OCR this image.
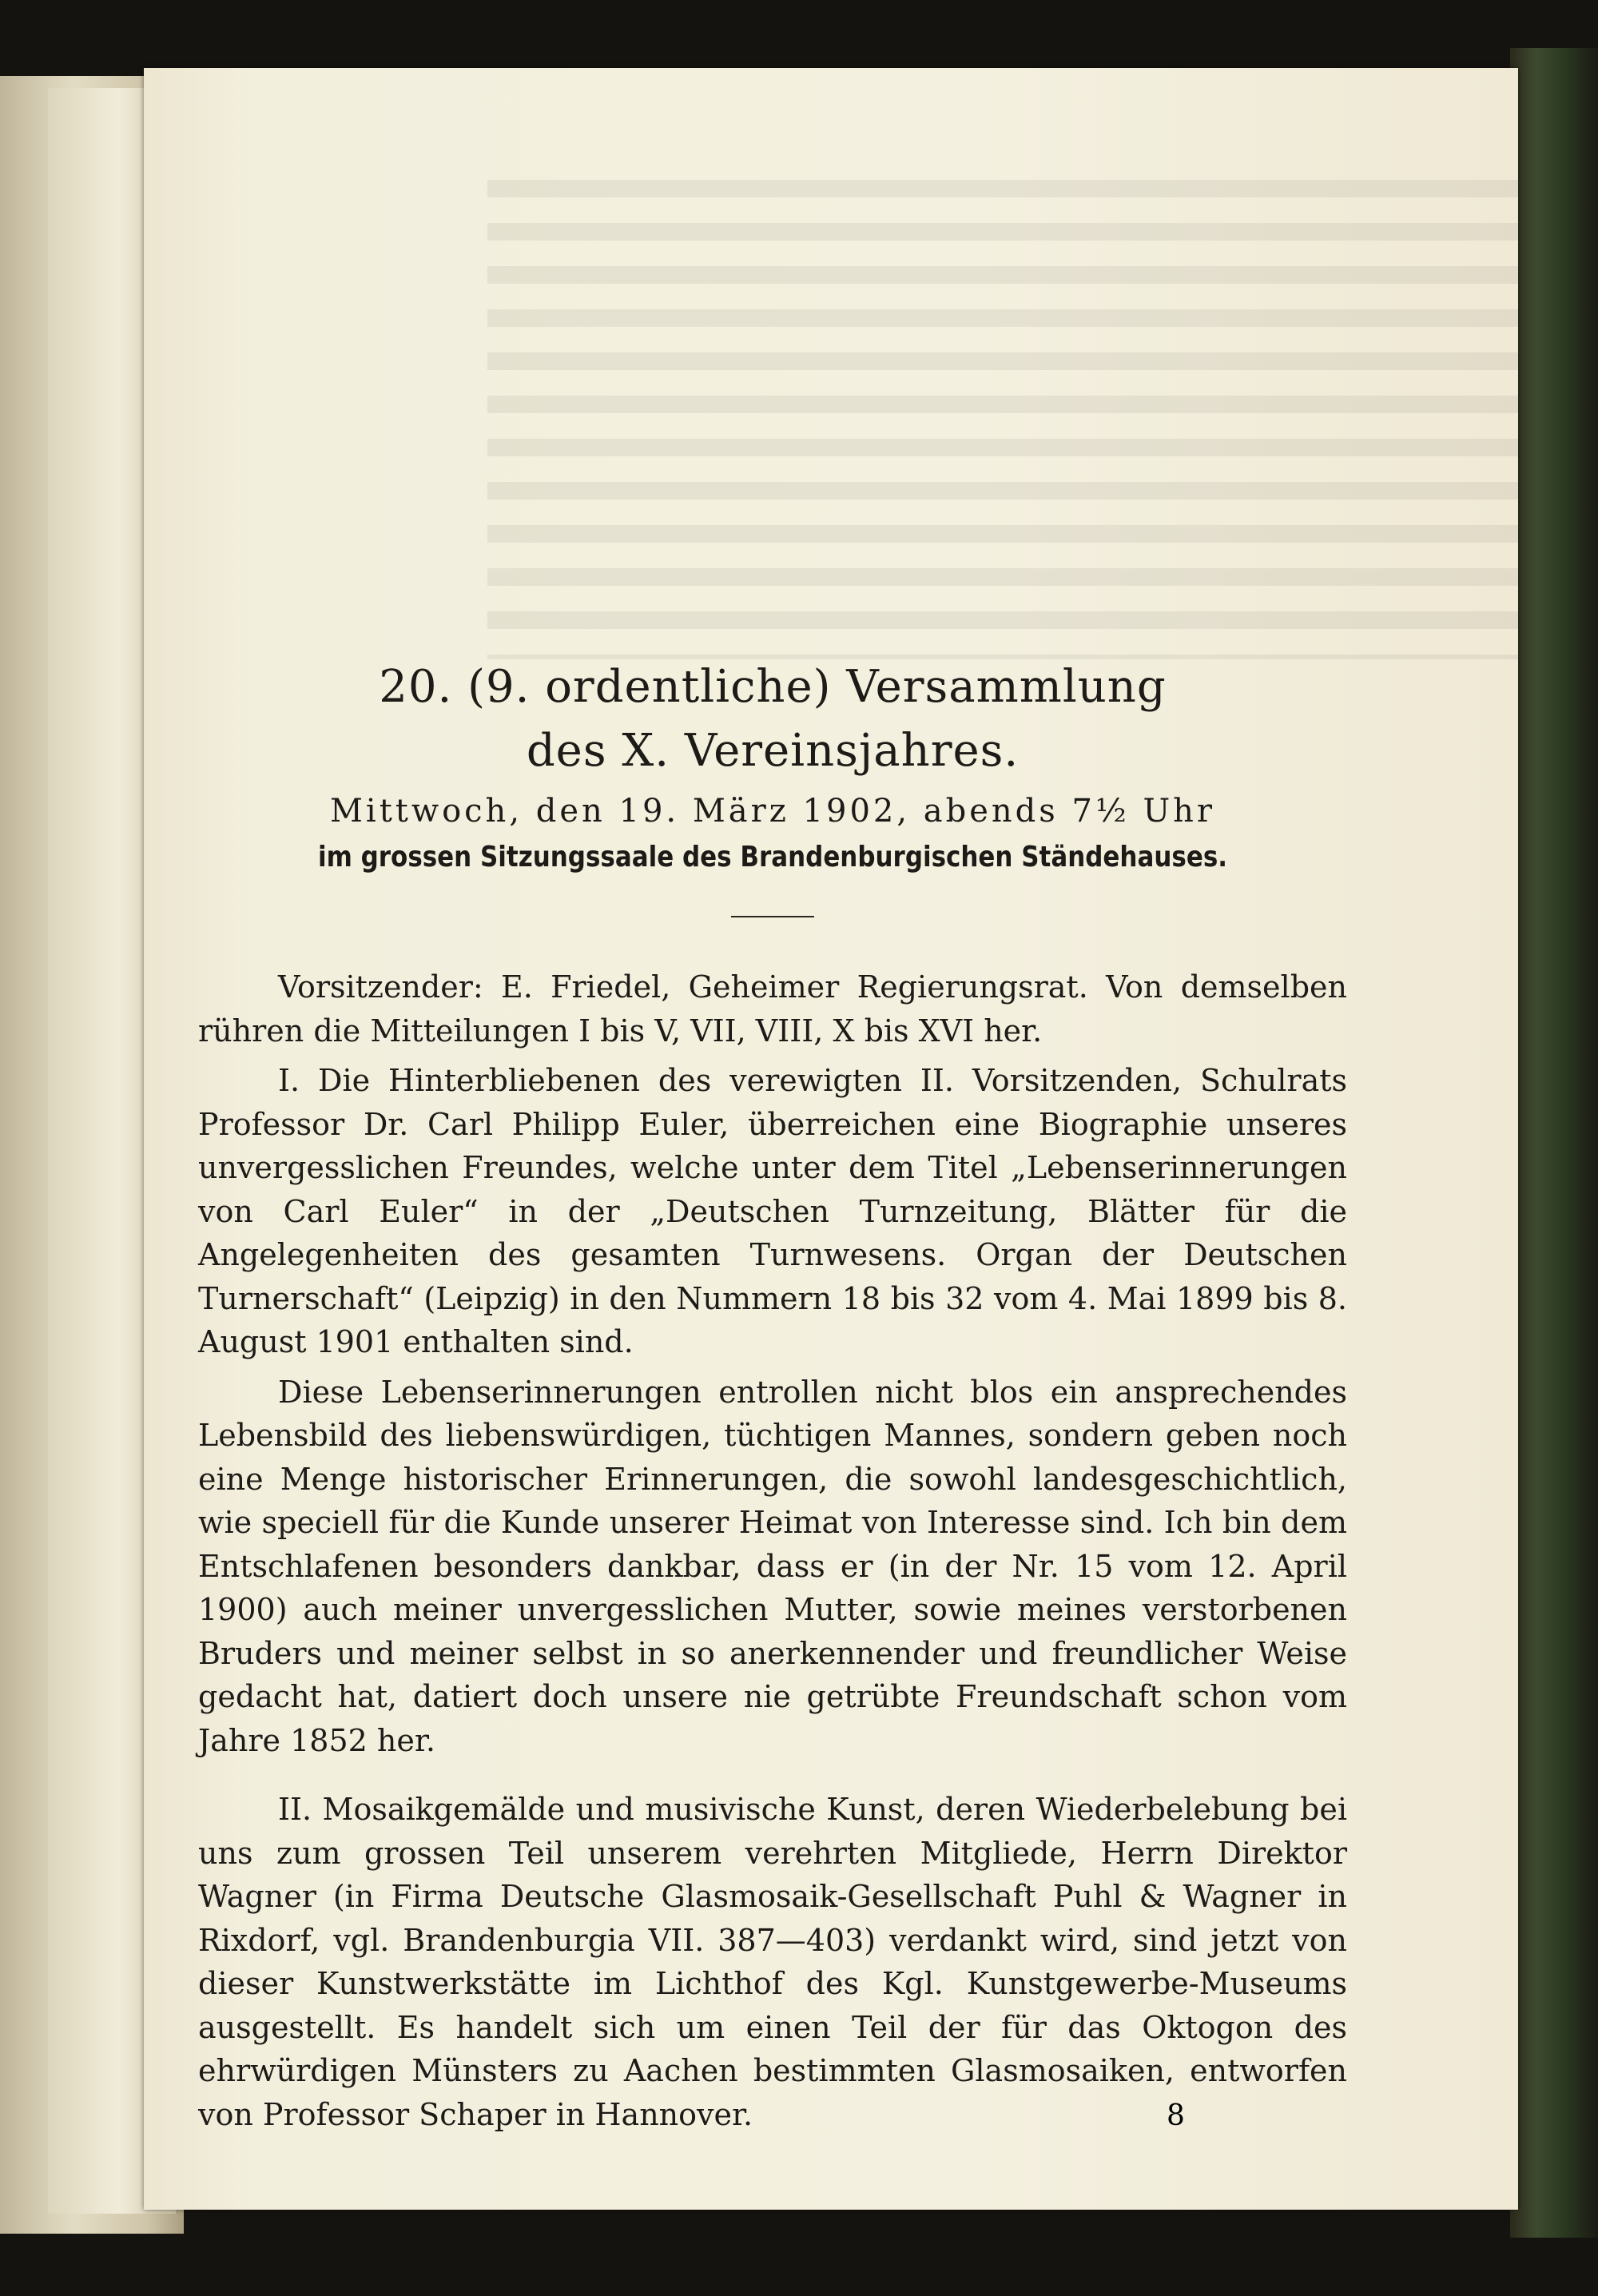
20. (9. ordentliche) Versammlung
des X. Vereinsjahres.

Mittwoch, den 19. März 1902, abends 7½ Uhr

im grossen Sitzungssaale des Brandenburgischen Ständehauses.

Vorsitzender: E. Friedel, Geheimer Regierungsrat. Von demselben rühren die Mitteilungen I bis V, VII, VIII, X bis XVI her.

I. Die Hinterbliebenen des verewigten II. Vorsitzenden, Schulrats Professor Dr. Carl Philipp Euler, überreichen eine Biographie unseres unvergesslichen Freundes, welche unter dem Titel „Lebenserinnerungen von Carl Euler“ in der „Deutschen Turnzeitung, Blätter für die Angelegenheiten des gesamten Turnwesens. Organ der Deutschen Turnerschaft“ (Leipzig) in den Nummern 18 bis 32 vom 4. Mai 1899 bis 8. August 1901 enthalten sind.

Diese Lebenserinnerungen entrollen nicht blos ein ansprechendes Lebensbild des liebenswürdigen, tüchtigen Mannes, sondern geben noch eine Menge historischer Erinnerungen, die sowohl landesgeschichtlich, wie speciell für die Kunde unserer Heimat von Interesse sind. Ich bin dem Entschlafenen besonders dankbar, dass er (in der Nr. 15 vom 12. April 1900) auch meiner unvergesslichen Mutter, sowie meines verstorbenen Bruders und meiner selbst in so anerkennender und freundlicher Weise gedacht hat, datiert doch unsere nie getrübte Freundschaft schon vom Jahre 1852 her.

II. Mosaikgemälde und musivische Kunst, deren Wiederbelebung bei uns zum grossen Teil unserem verehrten Mitgliede, Herrn Direktor Wagner (in Firma Deutsche Glasmosaik-Gesellschaft Puhl & Wagner in Rixdorf, vgl. Brandenburgia VII. 387—403) verdankt wird, sind jetzt von dieser Kunstwerkstätte im Lichthof des Kgl. Kunstgewerbe-Museums ausgestellt. Es handelt sich um einen Teil der für das Oktogon des ehrwürdigen Münsters zu Aachen bestimmten Glasmosaiken, entworfen von Professor Schaper in Hannover.	8
